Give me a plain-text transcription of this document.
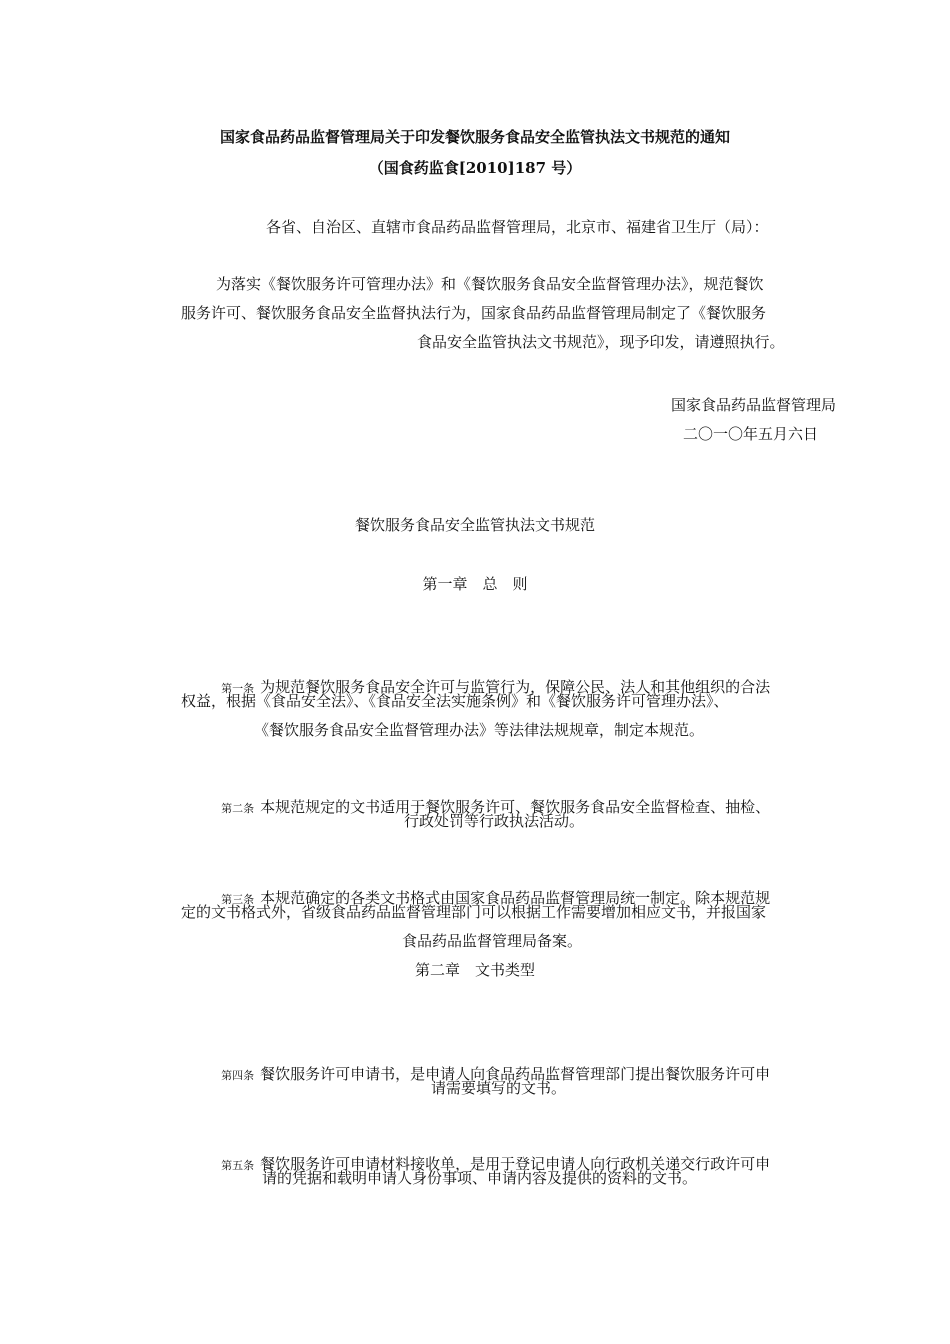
国家食品药品监督管理局关于印发餐饮服务食品安全监管执法文书规范的通知
（国食药监食[2010]187 号）
各省、自治区、直辖市食品药品监督管理局，北京市、福建省卫生厅（局）：
为落实《餐饮服务许可管理办法》和《餐饮服务食品安全监督管理办法》，规范餐饮
服务许可、餐饮服务食品安全监督执法行为，国家食品药品监督管理局制定了《餐饮服务
食品安全监管执法文书规范》，现予印发，请遵照执行。
国家食品药品监督管理局
二〇一〇年五月六日
餐饮服务食品安全监管执法文书规范
第一章　总　则

第一条 为规范餐饮服务食品安全许可与监管行为，保障公民、法人和其他组织的合法

权益，根据《食品安全法》、《食品安全法实施条例》和《餐饮服务许可管理办法》、
《餐饮服务食品安全监督管理办法》等法律法规规章，制定本规范。

第二条 本规范规定的文书适用于餐饮服务许可、餐饮服务食品安全监督检查、抽检、

行政处罚等行政执法活动。

第三条 本规范确定的各类文书格式由国家食品药品监督管理局统一制定。除本规范规

定的文书格式外，省级食品药品监督管理部门可以根据工作需要增加相应文书，并报国家
食品药品监督管理局备案。
第二章　文书类型

第四条 餐饮服务许可申请书，是申请人向食品药品监督管理部门提出餐饮服务许可申

请需要填写的文书。

第五条 餐饮服务许可申请材料接收单，是用于登记申请人向行政机关递交行政许可申

请的凭据和载明申请人身份事项、申请内容及提供的资料的文书。
